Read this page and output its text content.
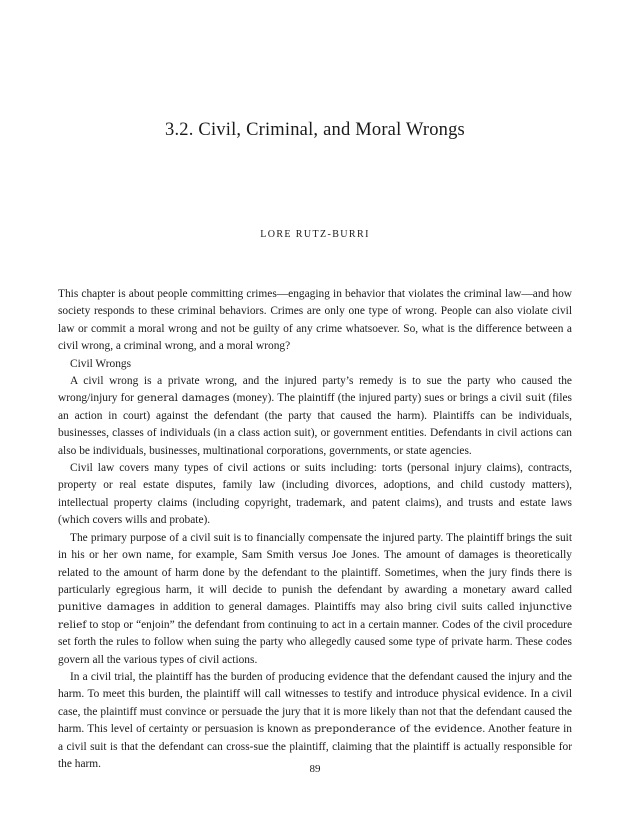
3.2. Civil, Criminal, and Moral Wrongs
LORE RUTZ-BURRI

This chapter is about people committing crimes—engaging in behavior that violates the criminal law—and how society responds to these criminal behaviors. Crimes are only one type of wrong. People can also violate civil law or commit a moral wrong and not be guilty of any crime whatsoever. So, what is the difference between a civil wrong, a criminal wrong, and a moral wrong?

Civil Wrongs

A civil wrong is a private wrong, and the injured party’s remedy is to sue the party who caused the wrong/injury for general damages (money). The plaintiff (the injured party) sues or brings a civil suit (files an action in court) against the defendant (the party that caused the harm). Plaintiffs can be individuals, businesses, classes of individuals (in a class action suit), or government entities. Defendants in civil actions can also be individuals, businesses, multinational corporations, governments, or state agencies.

Civil law covers many types of civil actions or suits including: torts (personal injury claims), contracts, property or real estate disputes, family law (including divorces, adoptions, and child custody matters), intellectual property claims (including copyright, trademark, and patent claims), and trusts and estate laws (which covers wills and probate).

The primary purpose of a civil suit is to financially compensate the injured party. The plaintiff brings the suit in his or her own name, for example, Sam Smith versus Joe Jones. The amount of damages is theoretically related to the amount of harm done by the defendant to the plaintiff. Sometimes, when the jury finds there is particularly egregious harm, it will decide to punish the defendant by awarding a monetary award called punitive damages in addition to general damages. Plaintiffs may also bring civil suits called injunctive relief to stop or “enjoin” the defendant from continuing to act in a certain manner. Codes of the civil procedure set forth the rules to follow when suing the party who allegedly caused some type of private harm. These codes govern all the various types of civil actions.

In a civil trial, the plaintiff has the burden of producing evidence that the defendant caused the injury and the harm. To meet this burden, the plaintiff will call witnesses to testify and introduce physical evidence. In a civil case, the plaintiff must convince or persuade the jury that it is more likely than not that the defendant caused the harm. This level of certainty or persuasion is known as preponderance of the evidence. Another feature in a civil suit is that the defendant can cross-sue the plaintiff, claiming that the plaintiff is actually responsible for the harm.	89
